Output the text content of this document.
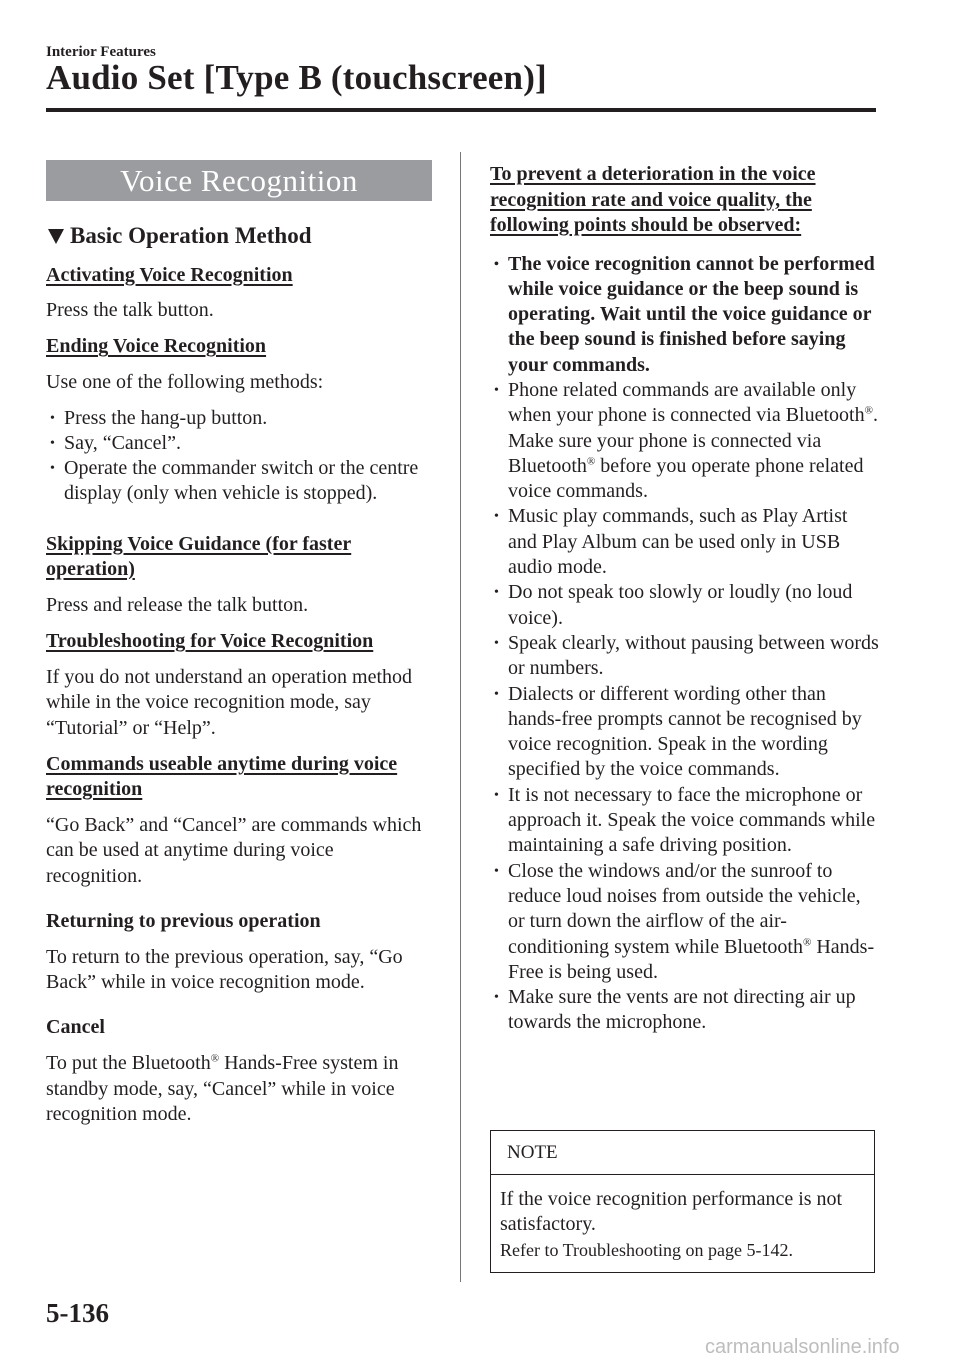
Interior Features
Audio Set [Type B (touchscreen)]
Voice Recognition
Basic Operation Method
Activating Voice Recognition

Press the talk button.

Ending Voice Recognition

Use one of the following methods:

• Press the hang-up button.
• Say, “Cancel”.
• Operate the commander switch or the centre display (only when vehicle is stopped).
Skipping Voice Guidance (for faster operation)

Press and release the talk button.

Troubleshooting for Voice Recognition

If you do not understand an operation method while in the voice recognition mode, say “Tutorial” or “Help”.

Commands useable anytime during voice recognition

“Go Back” and “Cancel” are commands which can be used at anytime during voice recognition.

Returning to previous operation

To return to the previous operation, say, “Go Back” while in voice recognition mode.

Cancel

To put the Bluetooth® Hands-Free system in standby mode, say, “Cancel” while in voice recognition mode.

To prevent a deterioration in the voice recognition rate and voice quality, the following points should be observed:
• The voice recognition cannot be performed while voice guidance or the beep sound is operating. Wait until the voice guidance or the beep sound is finished before saying your commands.
• Phone related commands are available only when your phone is connected via Bluetooth®. Make sure your phone is connected via Bluetooth® before you operate phone related voice commands.
• Music play commands, such as Play Artist and Play Album can be used only in USB audio mode.
• Do not speak too slowly or loudly (no loud voice).
• Speak clearly, without pausing between words or numbers.
• Dialects or different wording other than hands-free prompts cannot be recognised by voice recognition. Speak in the wording specified by the voice commands.
• It is not necessary to face the microphone or approach it. Speak the voice commands while maintaining a safe driving position.
• Close the windows and/or the sunroof to reduce loud noises from outside the vehicle, or turn down the airflow of the air-conditioning system while Bluetooth® Hands-Free is being used.
• Make sure the vents are not directing air up towards the microphone.
NOTE
If the voice recognition performance is not satisfactory.
Refer to Troubleshooting on page 5-142.
5-136
carmanualsonline.info
